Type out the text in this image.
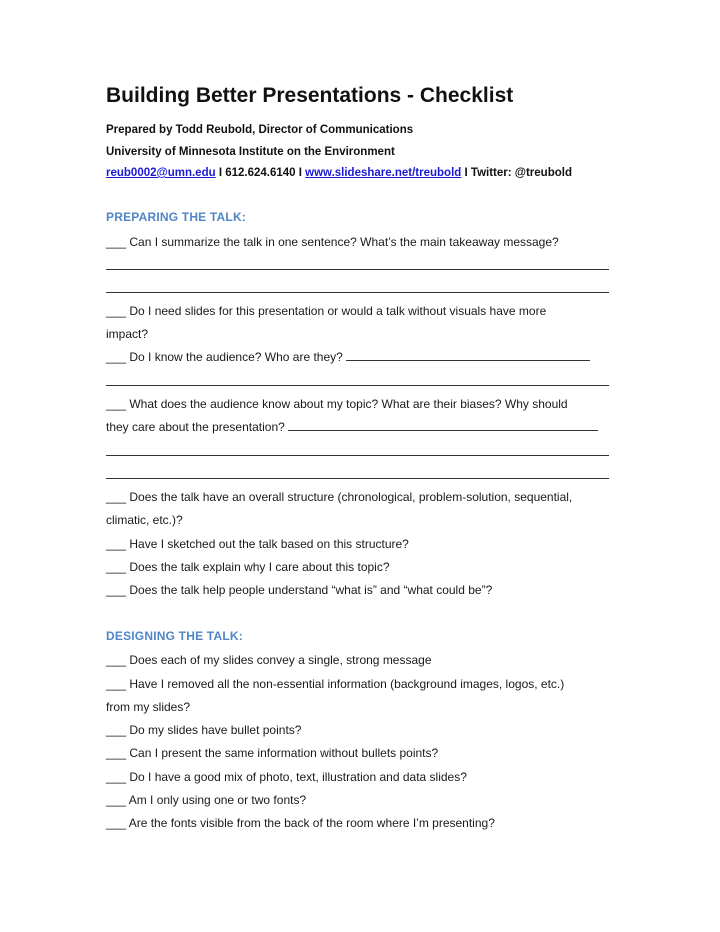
Building Better Presentations - Checklist
Prepared by Todd Reubold, Director of Communications
University of Minnesota Institute on the Environment
reub0002@umn.edu I 612.624.6140 I www.slideshare.net/treubold I Twitter: @treubold
PREPARING THE TALK:
___ Can I summarize the talk in one sentence? What’s the main takeaway message?
___ Do I need slides for this presentation or would a talk without visuals have more
impact?
___ Do I know the audience? Who are they?
___ What does the audience know about my topic? What are their biases? Why should
they care about the presentation?
___ Does the talk have an overall structure (chronological, problem-solution, sequential,
climatic, etc.)?
___ Have I sketched out the talk based on this structure?
___ Does the talk explain why I care about this topic?
___ Does the talk help people understand “what is” and “what could be”?
DESIGNING THE TALK:
___ Does each of my slides convey a single, strong message
___ Have I removed all the non-essential information (background images, logos, etc.)
from my slides?
___ Do my slides have bullet points?
___ Can I present the same information without bullets points?
___ Do I have a good mix of photo, text, illustration and data slides?
___ Am I only using one or two fonts?
___ Are the fonts visible from the back of the room where I’m presenting?
